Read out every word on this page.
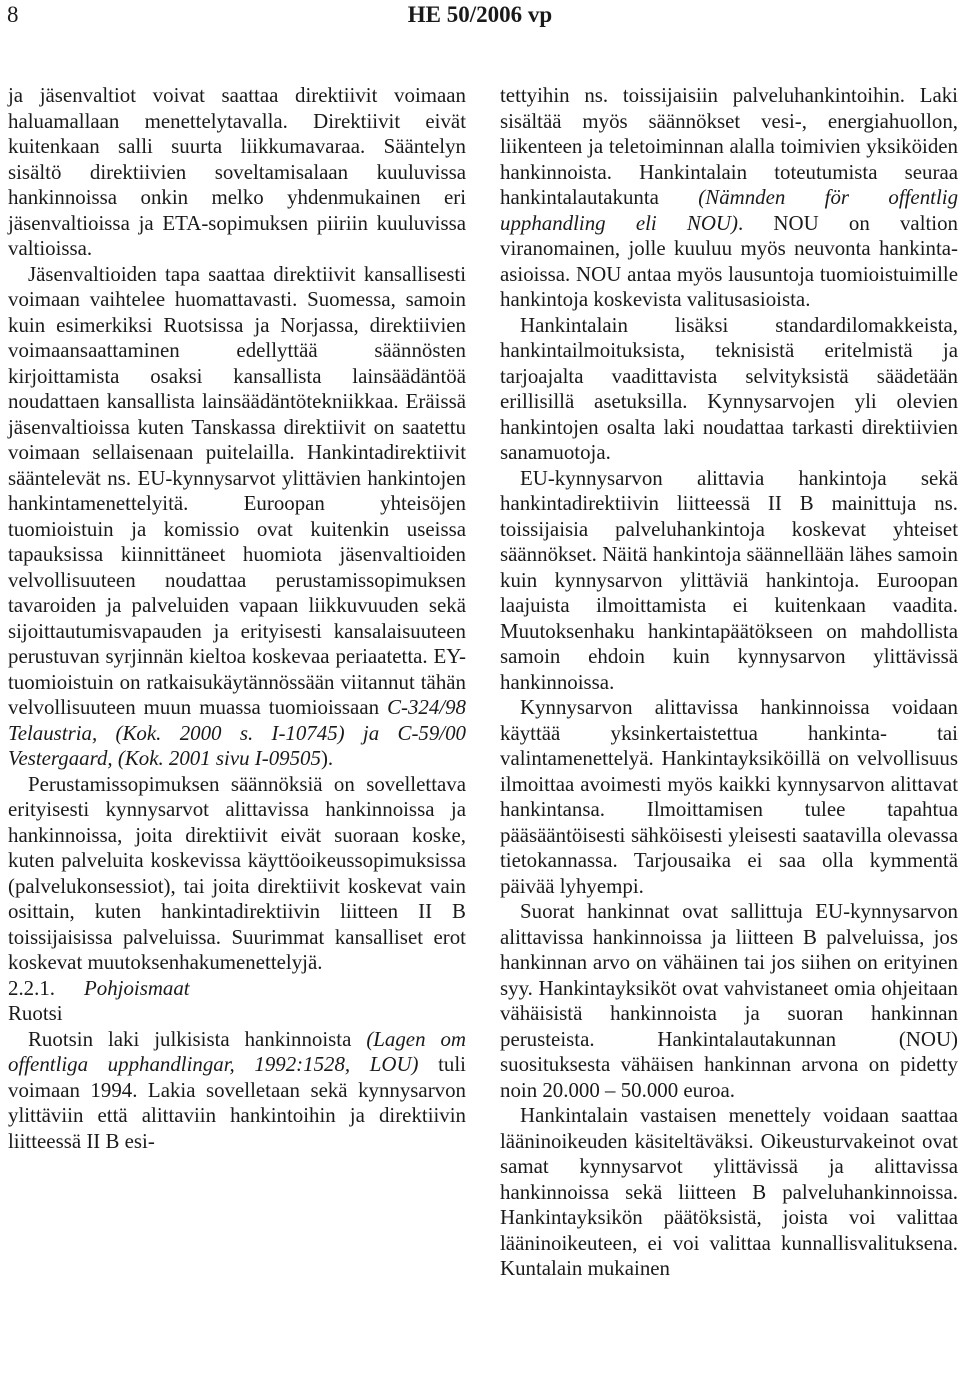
8	HE 50/2006 vp

ja jäsenvaltiot voivat saattaa direktiivit voimaan haluamallaan menettelytavalla. Direktiivit eivät kuitenkaan salli suurta liikkumavaraa. Sääntelyn sisältö direktiivien soveltamisalaan kuuluvissa hankinnoissa onkin melko yhdenmukainen eri jäsenvaltioissa ja ETA-sopimuksen piiriin kuuluvissa valtioissa.

Jäsenvaltioiden tapa saattaa direktiivit kansallisesti voimaan vaihtelee huomattavasti. Suomessa, samoin kuin esimerkiksi Ruotsissa ja Norjassa, direktiivien voimaansaattaminen edellyttää säännösten kirjoittamista osaksi kansallista lainsäädäntöä noudattaen kansallista lainsäädäntötekniikkaa. Eräissä jäsenvaltioissa kuten Tanskassa direktiivit on saatettu voimaan sellaisenaan puitelailla. Hankintadirektiivit sääntelevät ns. EU-kynnysarvot ylittävien hankintojen hankintamenettelyitä. Euroopan yhteisöjen tuomioistuin ja komissio ovat kuitenkin useissa tapauksissa kiinnittäneet huomiota jäsenvaltioiden velvollisuuteen noudattaa perustamissopimuksen tavaroiden ja palveluiden vapaan liikkuvuuden sekä sijoittautumisvapauden ja erityisesti kansalaisuuteen perustuvan syrjinnän kieltoa koskevaa periaatetta. EY-tuomioistuin on ratkaisukäytännössään viitannut tähän velvollisuuteen muun muassa tuomioissaan C-324/98 Telaustria, (Kok. 2000 s. I-10745) ja C-59/00 Vestergaard, (Kok. 2001 sivu I-09505).

Perustamissopimuksen säännöksiä on sovellettava erityisesti kynnysarvot alittavissa hankinnoissa ja hankinnoissa, joita direktiivit eivät suoraan koske, kuten palveluita koskevissa käyttöoikeussopimuksissa (palvelukonsessiot), tai joita direktiivit koskevat vain osittain, kuten hankintadirektiivin liitteen II B toissijaisissa palveluissa. Suurimmat kansalliset erot koskevat muutoksenhakumenettelyjä.

2.2.1. Pohjoismaat

Ruotsi

Ruotsin laki julkisista hankinnoista (Lagen om offentliga upphandlingar, 1992:1528, LOU) tuli voimaan 1994. Lakia sovelletaan sekä kynnysarvon ylittäviin että alittaviin hankintoihin ja direktiivin liitteessä II B esi-

tettyihin ns. toissijaisiin palveluhankintoihin. Laki sisältää myös säännökset vesi-, energiahuollon, liikenteen ja teletoiminnan alalla toimivien yksiköiden hankinnoista. Hankintalain toteutumista seuraa hankintalautakunta (Nämnden för offentlig upphandling eli NOU). NOU on valtion viranomainen, jolle kuuluu myös neuvonta hankinta-asioissa. NOU antaa myös lausuntoja tuomioistuimille hankintoja koskevista valitusasioista.

Hankintalain lisäksi standardilomakkeista, hankintailmoituksista, teknisistä eritelmistä ja tarjoajalta vaadittavista selvityksistä säädetään erillisillä asetuksilla. Kynnysarvojen yli olevien hankintojen osalta laki noudattaa tarkasti direktiivien sanamuotoja.

EU-kynnysarvon alittavia hankintoja sekä hankintadirektiivin liitteessä II B mainittuja ns. toissijaisia palveluhankintoja koskevat yhteiset säännökset. Näitä hankintoja säännellään lähes samoin kuin kynnysarvon ylittäviä hankintoja. Euroopan laajuista ilmoittamista ei kuitenkaan vaadita. Muutoksenhaku hankintapäätökseen on mahdollista samoin ehdoin kuin kynnysarvon ylittävissä hankinnoissa.

Kynnysarvon alittavissa hankinnoissa voidaan käyttää yksinkertaistettua hankinta- tai valintamenettelyä. Hankintayksiköillä on velvollisuus ilmoittaa avoimesti myös kaikki kynnysarvon alittavat hankintansa. Ilmoittamisen tulee tapahtua pääsääntöisesti sähköisesti yleisesti saatavilla olevassa tietokannassa. Tarjousaika ei saa olla kymmentä päivää lyhyempi.

Suorat hankinnat ovat sallittuja EU-kynnysarvon alittavissa hankinnoissa ja liitteen B palveluissa, jos hankinnan arvo on vähäinen tai jos siihen on erityinen syy. Hankintayksiköt ovat vahvistaneet omia ohjeitaan vähäisistä hankinnoista ja suoran hankinnan perusteista. Hankintalautakunnan (NOU) suosituksesta vähäisen hankinnan arvona on pidetty noin 20.000 – 50.000 euroa.

Hankintalain vastaisen menettely voidaan saattaa lääninoikeuden käsiteltäväksi. Oikeusturvakeinot ovat samat kynnysarvot ylittävissä ja alittavissa hankinnoissa sekä liitteen B palveluhankinnoissa. Hankintayksikön päätöksistä, joista voi valittaa lääninoikeuteen, ei voi valittaa kunnallisvalituksena. Kuntalain mukainen
